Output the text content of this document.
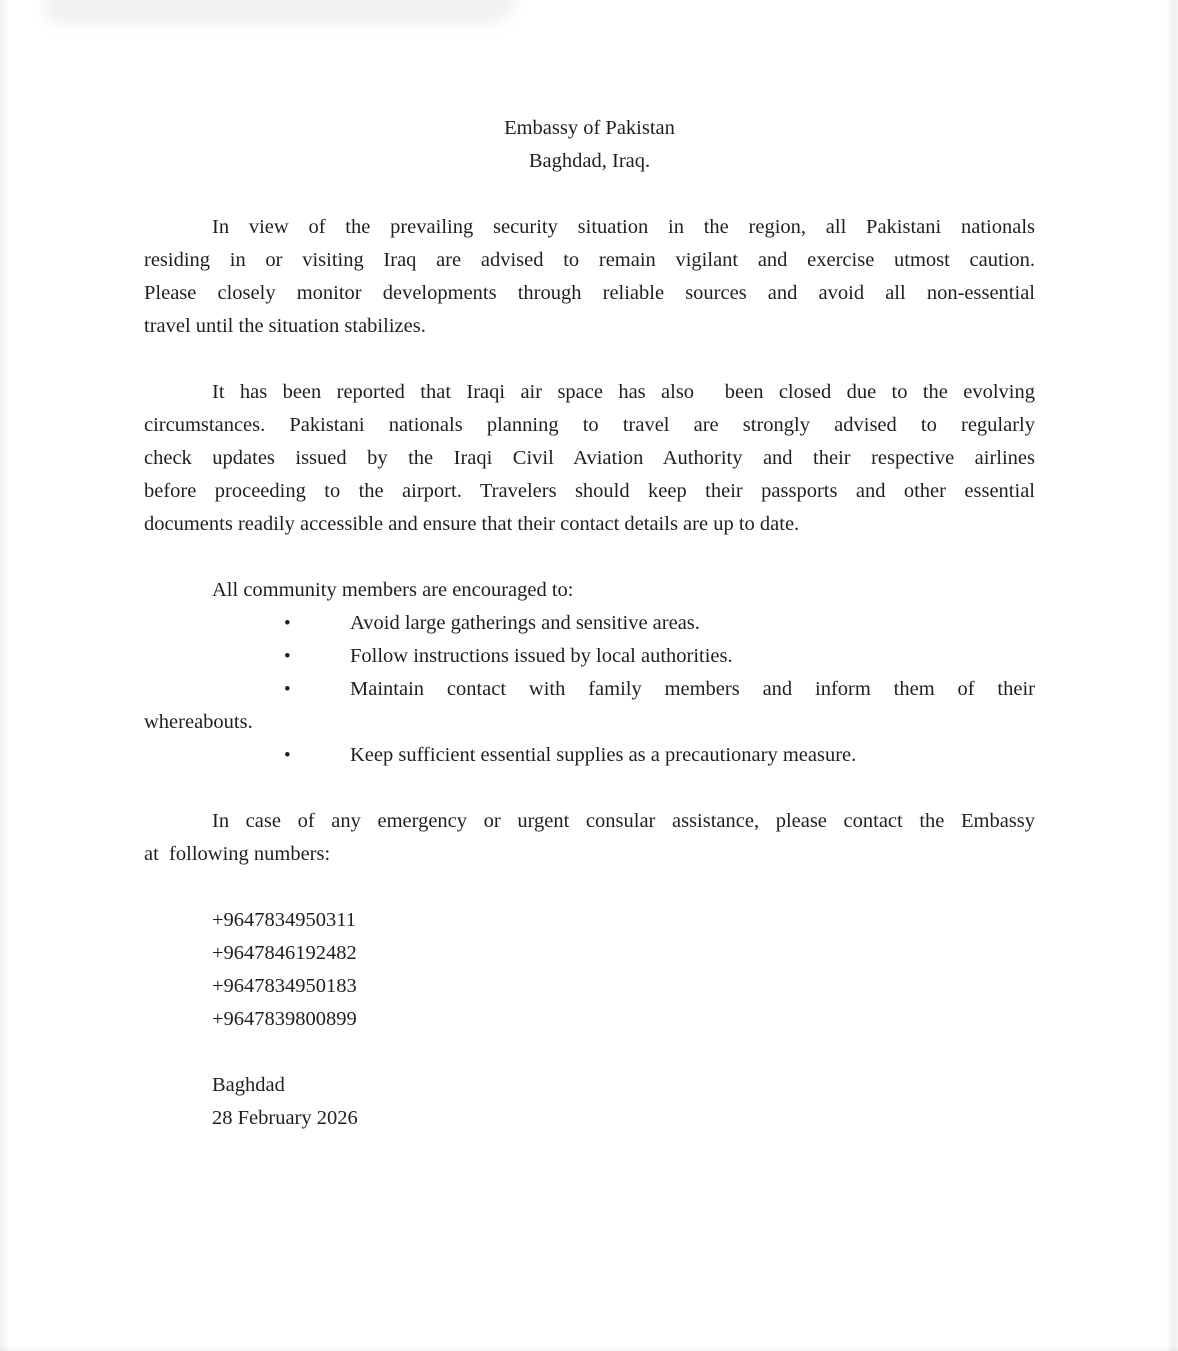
Embassy of Pakistan
Baghdad, Iraq.
In view of the prevailing security situation in the region, all Pakistani nationals
residing in or visiting Iraq are advised to remain vigilant and exercise utmost caution.
Please closely monitor developments through reliable sources and avoid all non-essential
travel until the situation stabilizes.
It has been reported that Iraqi air space has also  been closed due to the evolving
circumstances. Pakistani nationals planning to travel are strongly advised to regularly
check updates issued by the Iraqi Civil Aviation Authority and their respective airlines
before proceeding to the airport. Travelers should keep their passports and other essential
documents readily accessible and ensure that their contact details are up to date.
All community members are encouraged to:
•	Avoid large gatherings and sensitive areas.
•	Follow instructions issued by local authorities.
•	Maintain contact with family members and inform them of their
whereabouts.
•	Keep sufficient essential supplies as a precautionary measure.
In case of any emergency or urgent consular assistance, please contact the Embassy
at  following numbers:
+9647834950311
+9647846192482
+9647834950183
+9647839800899
Baghdad
28 February 2026
